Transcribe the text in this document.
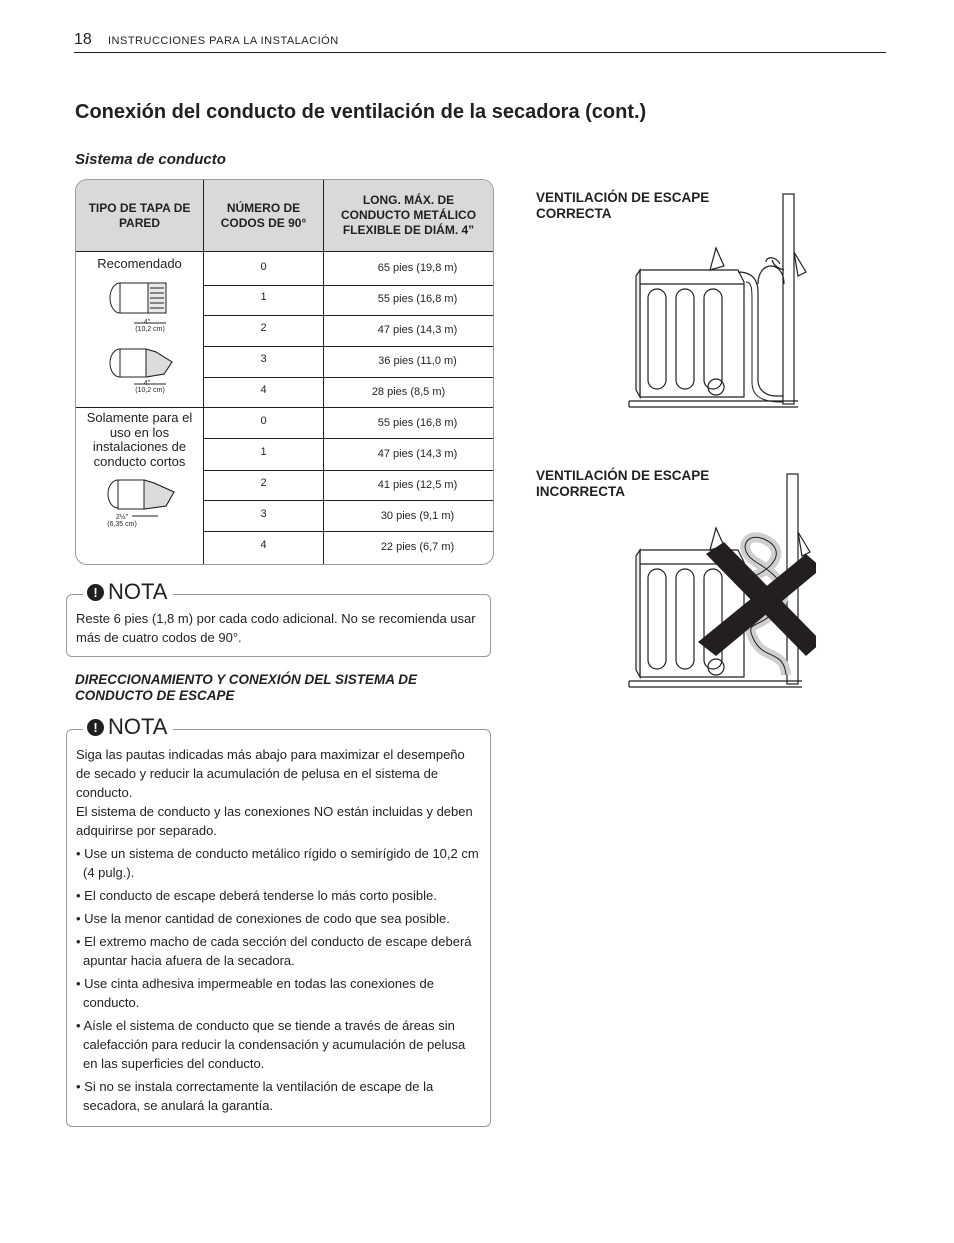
18 INSTRUCCIONES PARA LA INSTALACIÓN
Conexión del conducto de ventilación de la secadora (cont.)

Sistema de conducto

TIPO DE TAPA DE PARED
NÚMERO DE CODOS DE 90°
LONG. MÁX. DE CONDUCTO METÁLICO FLEXIBLE DE DIÁM. 4”
Recomendado
4"
(10,2 cm)
4"
(10,2 cm)
0	65 pies (19,8 m)
1	55 pies (16,8 m)
2	47 pies (14,3 m)
3	36 pies (11,0 m)
4	28 pies (8,5 m)
Solamente para el uso en los instalaciones de conducto cortos
2½"
(6,35 cm)
0	55 pies (16,8 m)
1	47 pies (14,3 m)
2	41 pies (12,5 m)
3	30 pies (9,1 m)
4	22 pies (6,7 m)
! NOTA

Reste 6 pies (1,8 m) por cada codo adicional. No se recomienda usar más de cuatro codos de 90°.

DIRECCIONAMIENTO Y CONEXIÓN DEL SISTEMA DE CONDUCTO DE ESCAPE

! NOTA

Siga las pautas indicadas más abajo para maximizar el desempeño de secado y reducir la acumulación de pelusa en el sistema de conducto.

El sistema de conducto y las conexiones NO están incluidas y deben adquirirse por separado.

• Use un sistema de conducto metálico rígido o semirígido de 10,2 cm (4 pulg.).

• El conducto de escape deberá tenderse lo más corto posible.

• Use la menor cantidad de conexiones de codo que sea posible.

• El extremo macho de cada sección del conducto de escape deberá apuntar hacia afuera de la secadora.

• Use cinta adhesiva impermeable en todas las conexiones de conducto.

• Aísle el sistema de conducto que se tiende a través de áreas sin calefacción para reducir la condensación y acumulación de pelusa en las superficies del conducto.

• Si no se instala correctamente la ventilación de escape de la secadora, se anulará la garantía.

VENTILACIÓN DE ESCAPE CORRECTA
VENTILACIÓN DE ESCAPE INCORRECTA
